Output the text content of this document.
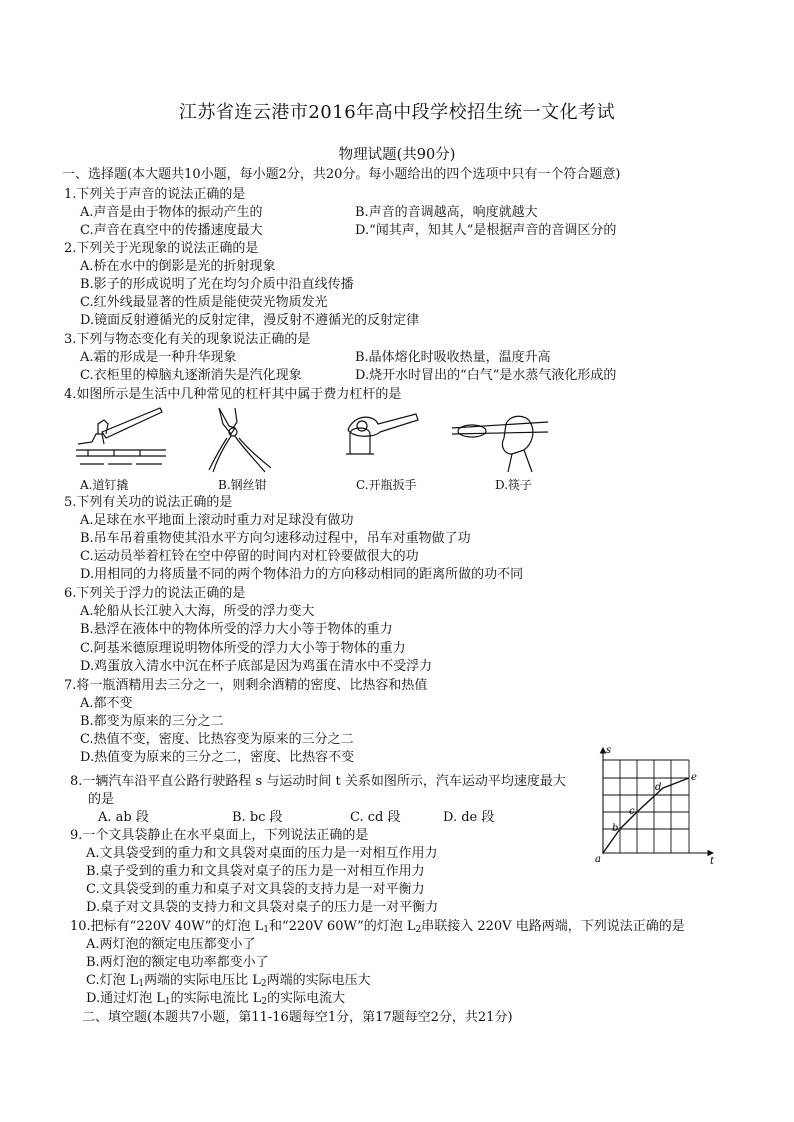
江苏省连云港市2016年高中段学校招生统一文化考试
物理试题(共90分)
一、选择题(本大题共10小题，每小题2分，共20分。每小题给出的四个选项中只有一个符合题意)
1.下列关于声音的说法正确的是
A.声音是由于物体的振动产生的	B.声音的音调越高，响度就越大
C.声音在真空中的传播速度最大	D.“闻其声，知其人”是根据声音的音调区分的
2.下列关于光现象的说法正确的是
A.桥在水中的倒影是光的折射现象
B.影子的形成说明了光在均匀介质中沿直线传播
C.红外线最显著的性质是能使荧光物质发光
D.镜面反射遵循光的反射定律，漫反射不遵循光的反射定律
3.下列与物态变化有关的现象说法正确的是
A.霜的形成是一种升华现象	B.晶体熔化时吸收热量，温度升高
C.衣柜里的樟脑丸逐渐消失是汽化现象	D.烧开水时冒出的“白气”是水蒸气液化形成的
4.如图所示是生活中几种常见的杠杆其中属于费力杠杆的是
A.道钉撬	B.钢丝钳	C.开瓶扳手	D.筷子
5.下列有关功的说法正确的是
A.足球在水平地面上滚动时重力对足球没有做功
B.吊车吊着重物使其沿水平方向匀速移动过程中，吊车对重物做了功
C.运动员举着杠铃在空中停留的时间内对杠铃要做很大的功
D.用相同的力将质量不同的两个物体沿力的方向移动相同的距离所做的功不同
6.下列关于浮力的说法正确的是
A.轮船从长江驶入大海，所受的浮力变大
B.悬浮在液体中的物体所受的浮力大小等于物体的重力
C.阿基米德原理说明物体所受的浮力大小等于物体的重力
D.鸡蛋放入清水中沉在杯子底部是因为鸡蛋在清水中不受浮力
7.将一瓶酒精用去三分之一，则剩余酒精的密度、比热容和热值
A.都不变
B.都变为原来的三分之二
C.热值不变，密度、比热容变为原来的三分之二
D.热值变为原来的三分之二，密度、比热容不变
8.一辆汽车沿平直公路行驶路程 s 与运动时间 t 关系如图所示，汽车运动平均速度最大
的是
A. ab 段	B. bc 段	C. cd 段	D. de 段
s
t
a
b
c
d
e
9.一个文具袋静止在水平桌面上，下列说法正确的是
A.文具袋受到的重力和文具袋对桌面的压力是一对相互作用力
B.桌子受到的重力和文具袋对桌子的压力是一对相互作用力
C.文具袋受到的重力和桌子对文具袋的支持力是一对平衡力
D.桌子对文具袋的支持力和文具袋对桌子的压力是一对平衡力
10.把标有“220V 40W”的灯泡 $L_1$和“220V 60W”的灯泡 $L_2$串联接入 220V 电路两端，下列说法正确的是
A.两灯泡的额定电压都变小了
B.两灯泡的额定电功率都变小了
C.灯泡 $L_1$两端的实际电压比 $L_2$两端的实际电压大
D.通过灯泡 $L_1$的实际电流比 $L_2$的实际电流大
二、填空题(本题共7小题，第11-16题每空1分，第17题每空2分，共21分)
